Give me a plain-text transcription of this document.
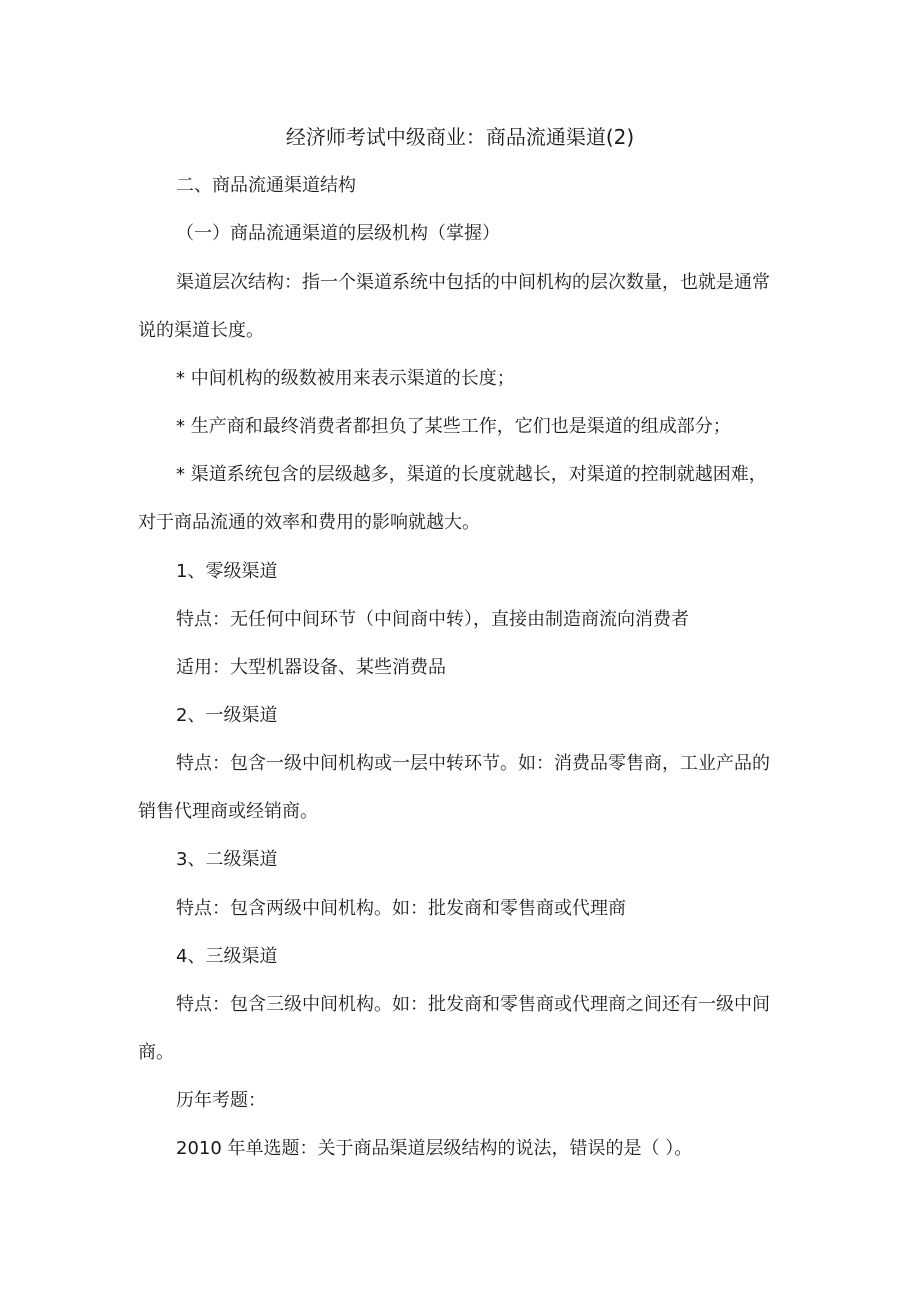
经济师考试中级商业：商品流通渠道(2)
二、商品流通渠道结构
（一）商品流通渠道的层级机构（掌握）
渠道层次结构：指一个渠道系统中包括的中间机构的层次数量，也就是通常
说的渠道长度。
* 中间机构的级数被用来表示渠道的长度；
* 生产商和最终消费者都担负了某些工作，它们也是渠道的组成部分；
* 渠道系统包含的层级越多，渠道的长度就越长，对渠道的控制就越困难，
对于商品流通的效率和费用的影响就越大。
1、零级渠道
特点：无任何中间环节（中间商中转），直接由制造商流向消费者
适用：大型机器设备、某些消费品
2、一级渠道
特点：包含一级中间机构或一层中转环节。如：消费品零售商，工业产品的
销售代理商或经销商。
3、二级渠道
特点：包含两级中间机构。如：批发商和零售商或代理商
4、三级渠道
特点：包含三级中间机构。如：批发商和零售商或代理商之间还有一级中间
商。
历年考题：
2010 年单选题：关于商品渠道层级结构的说法，错误的是（ ）。
